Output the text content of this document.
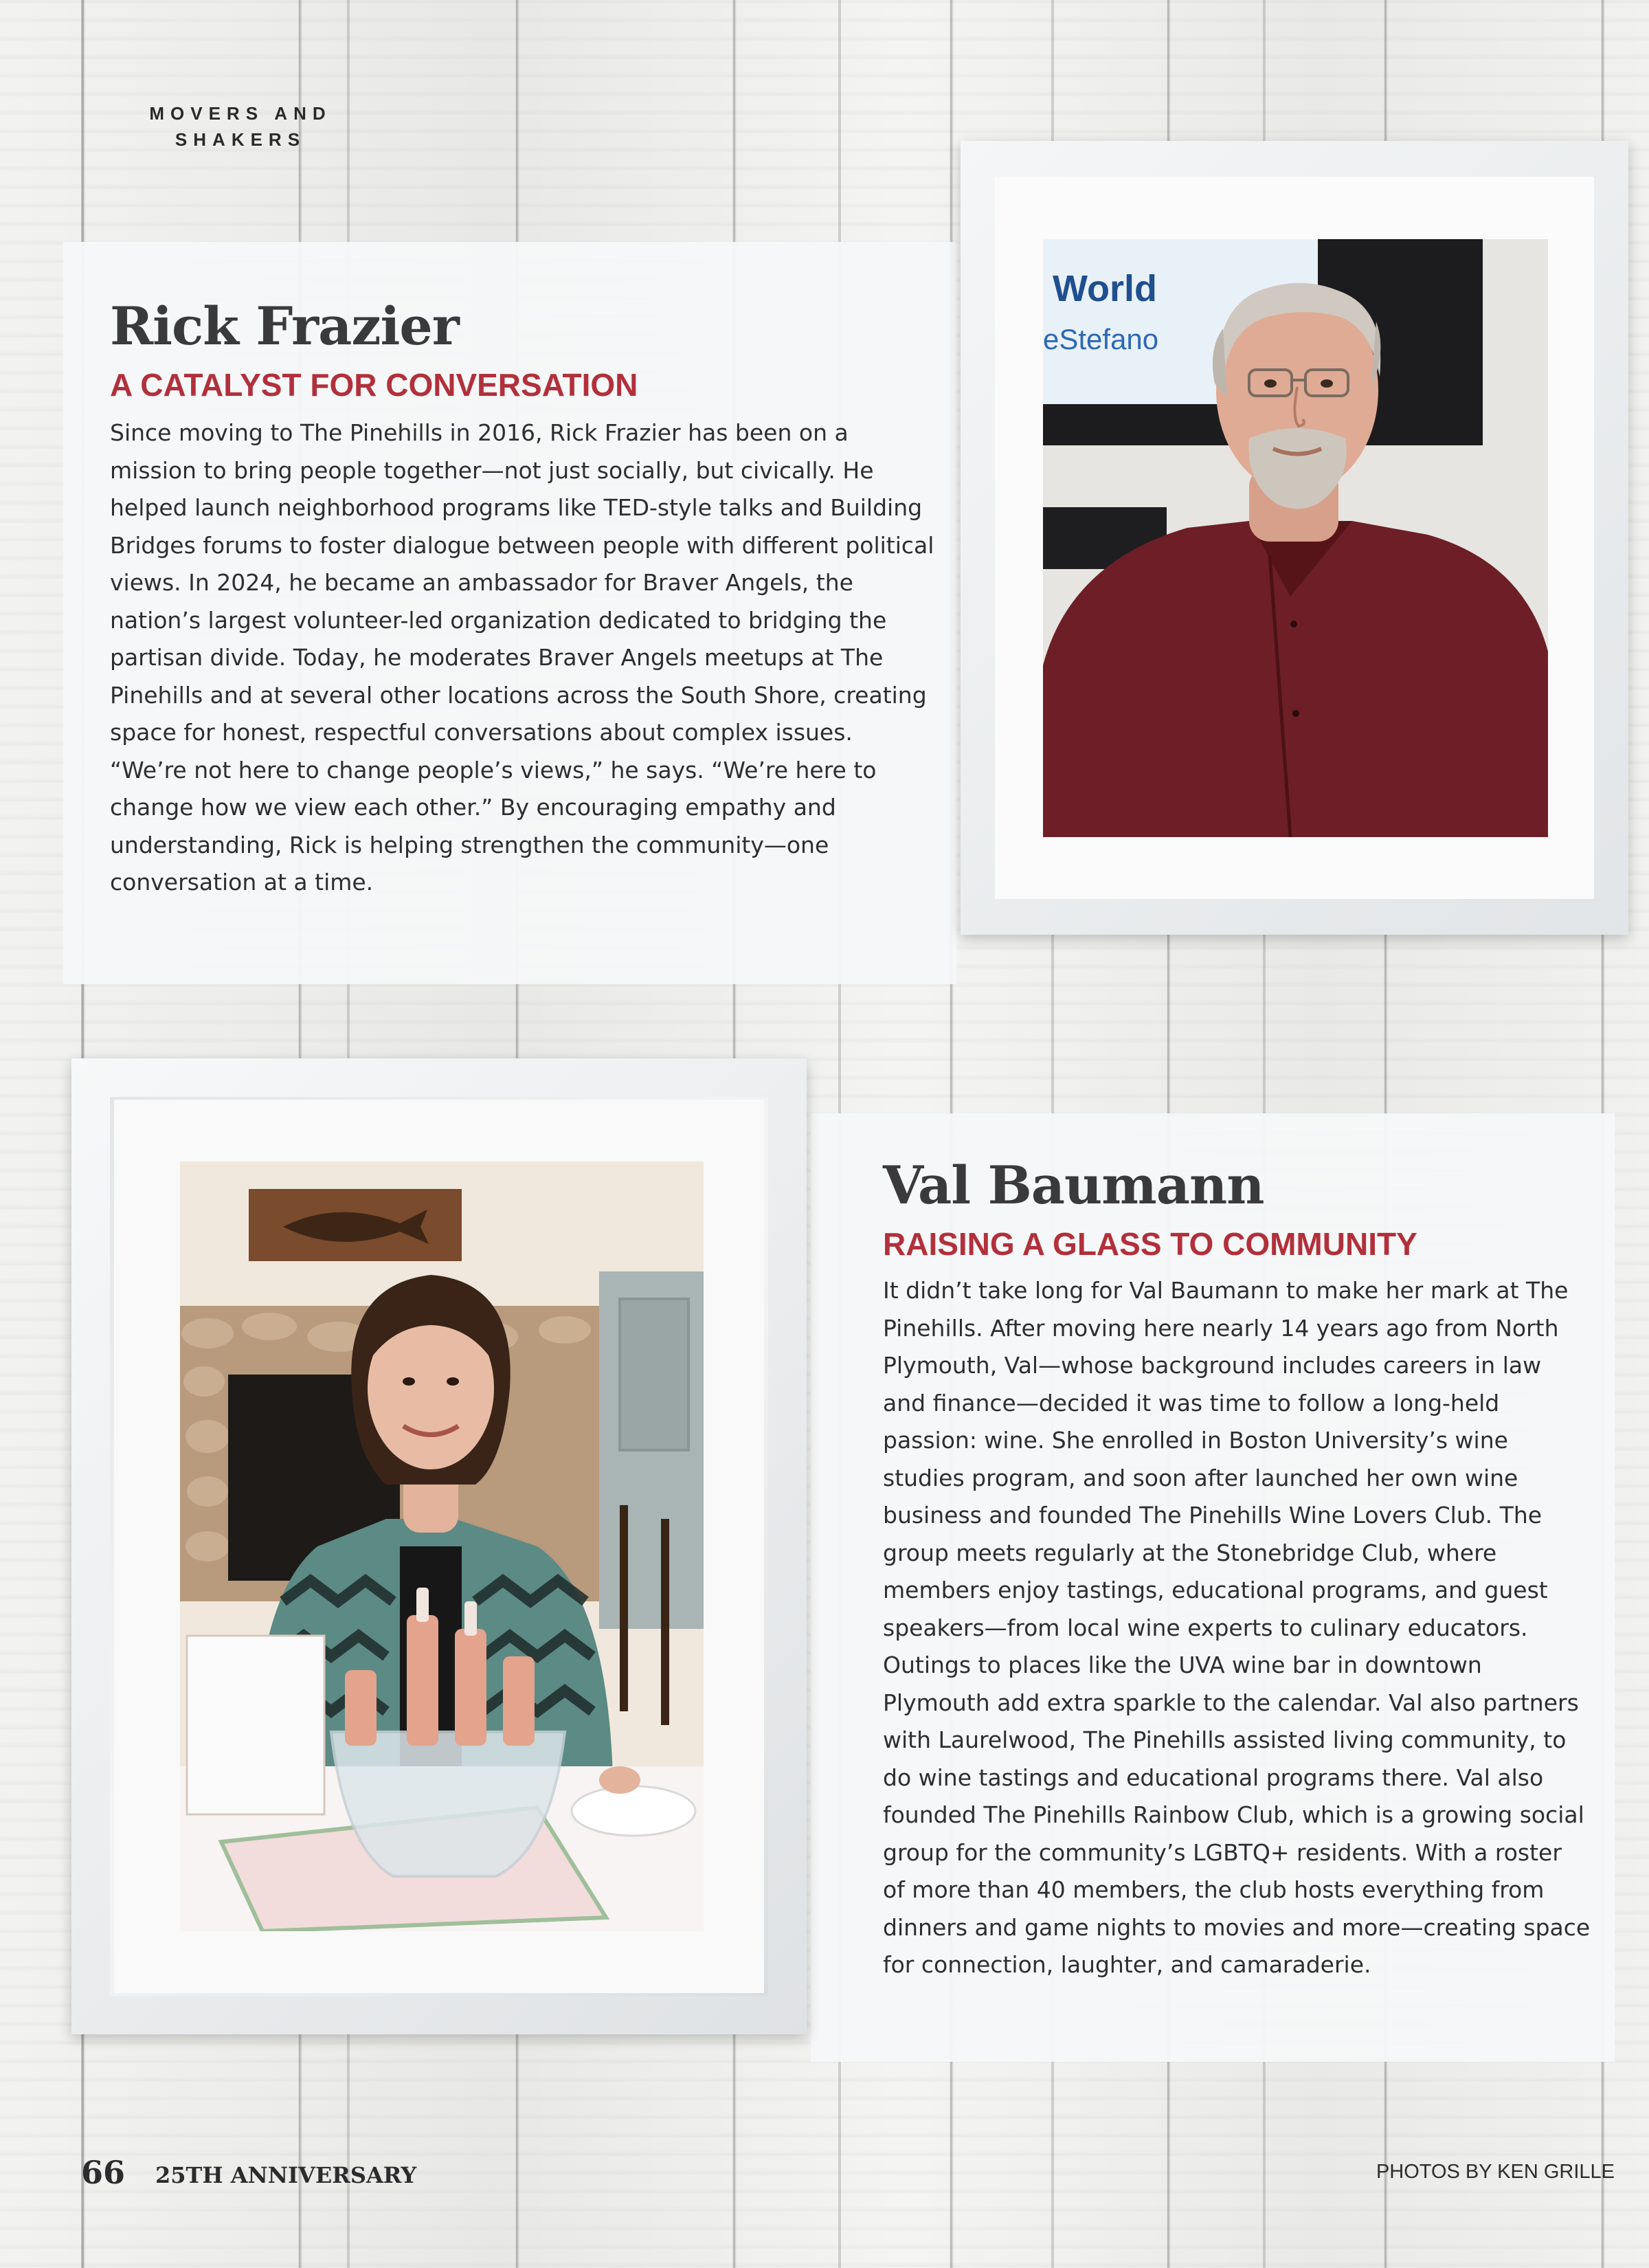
MOVERS AND
SHAKERS
Rick Frazier
A CATALYST FOR CONVERSATION

Since moving to The Pinehills in 2016, Rick Frazier has been on a mission to bring people together—not just socially, but civically. He helped launch neighborhood programs like TED-style talks and Building Bridges forums to foster dialogue between people with different political views. In 2024, he became an ambassador for Braver Angels, the nation’s largest volunteer-led organization dedicated to bridging the partisan divide. Today, he moderates Braver Angels meetups at The Pinehills and at several other locations across the South Shore, creating space for honest, respectful conversations about complex issues. “We’re not here to change people’s views,” he says. “We’re here to change how we view each other.” By encouraging empathy and understanding, Rick is helping strengthen the community—one conversation at a time.

World
eStefano
Val Baumann
RAISING A GLASS TO COMMUNITY

It didn’t take long for Val Baumann to make her mark at The Pinehills. After moving here nearly 14 years ago from North Plymouth, Val—whose background includes careers in law and finance—decided it was time to follow a long-held passion: wine. She enrolled in Boston University’s wine studies program, and soon after launched her own wine business and founded The Pinehills Wine Lovers Club. The group meets regularly at the Stonebridge Club, where members enjoy tastings, educational programs, and guest speakers—from local wine experts to culinary educators. Outings to places like the UVA wine bar in downtown Plymouth add extra sparkle to the calendar. Val also partners with Laurelwood, The Pinehills assisted living community, to do wine tastings and educational programs there. Val also founded The Pinehills Rainbow Club, which is a growing social group for the community’s LGBTQ+ residents. With a roster of more than 40 members, the club hosts everything from dinners and game nights to movies and more—creating space for connection, laughter, and camaraderie.

66 25TH ANNIVERSARY	PHOTOS BY KEN GRILLE
